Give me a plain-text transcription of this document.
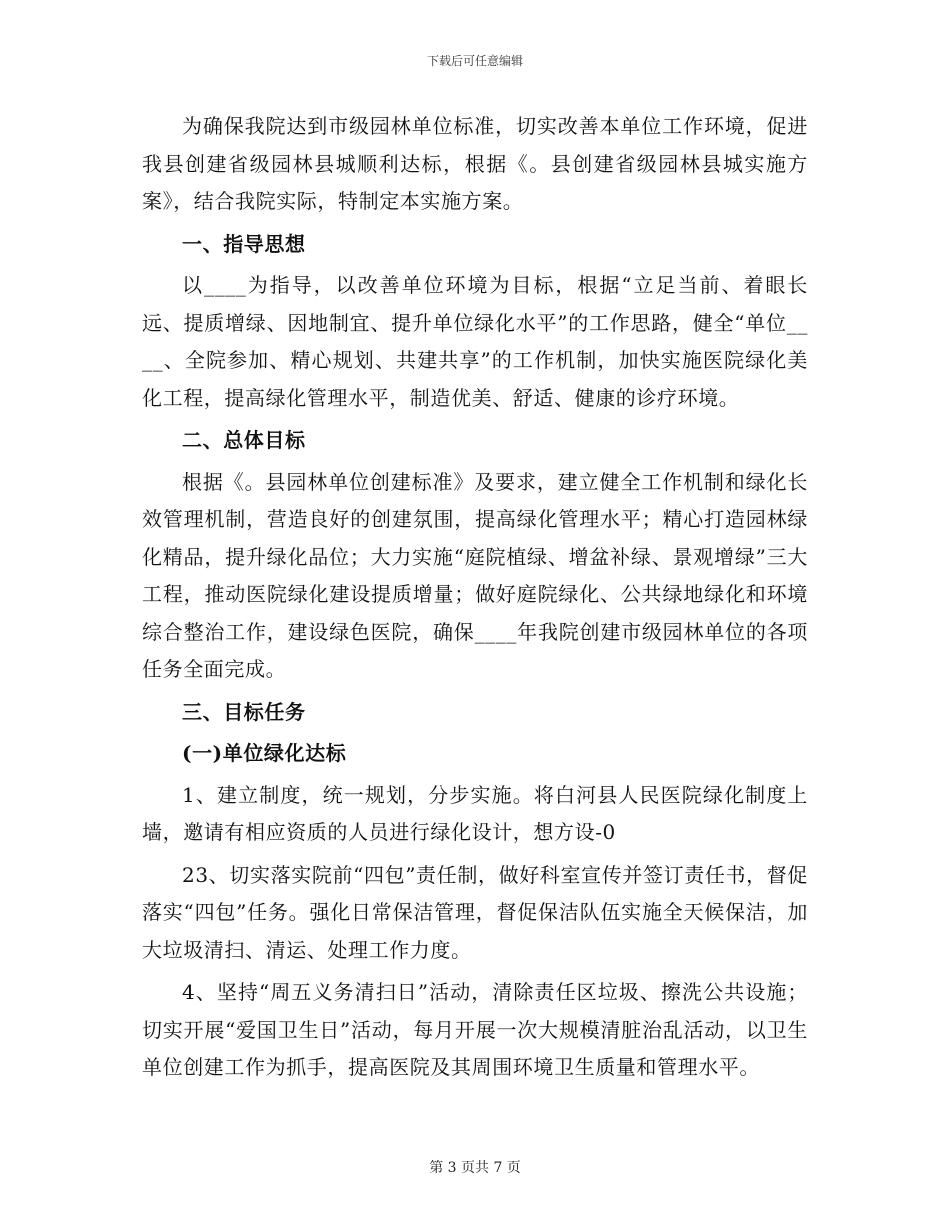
下载后可任意编辑

为确保我院达到市级园林单位标准，切实改善本单位工作环境，促进我县创建省级园林县城顺利达标，根据《。县创建省级园林县城实施方案》，结合我院实际，特制定本实施方案。

一、指导思想

以____为指导，以改善单位环境为目标，根据“立足当前、着眼长远、提质增绿、因地制宜、提升单位绿化水平”的工作思路，健全“单位____、全院参加、精心规划、共建共享”的工作机制，加快实施医院绿化美化工程，提高绿化管理水平，制造优美、舒适、健康的诊疗环境。

二、总体目标

根据《。县园林单位创建标准》及要求，建立健全工作机制和绿化长效管理机制，营造良好的创建氛围，提高绿化管理水平；精心打造园林绿化精品，提升绿化品位；大力实施“庭院植绿、增盆补绿、景观增绿”三大工程，推动医院绿化建设提质增量；做好庭院绿化、公共绿地绿化和环境综合整治工作，建设绿色医院，确保____年我院创建市级园林单位的各项任务全面完成。

三、目标任务

(一)单位绿化达标

1、建立制度，统一规划，分步实施。将白河县人民医院绿化制度上墙，邀请有相应资质的人员进行绿化设计，想方设-0

23、切实落实院前“四包”责任制，做好科室宣传并签订责任书，督促落实“四包”任务。强化日常保洁管理，督促保洁队伍实施全天候保洁，加大垃圾清扫、清运、处理工作力度。

4、坚持“周五义务清扫日”活动，清除责任区垃圾、擦洗公共设施；切实开展“爱国卫生日”活动，每月开展一次大规模清脏治乱活动，以卫生单位创建工作为抓手，提高医院及其周围环境卫生质量和管理水平。

第 3 页共 7 页
